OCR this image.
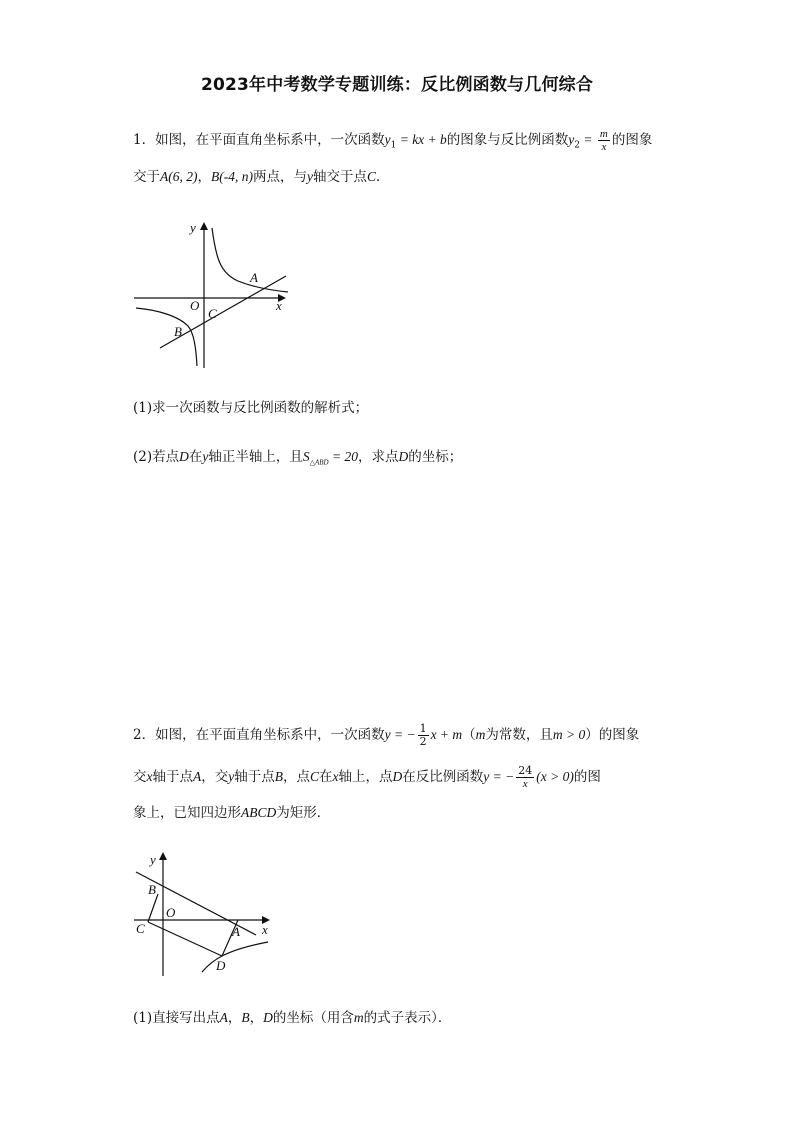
2023年中考数学专题训练：反比例函数与几何综合
1．如图，在平面直角坐标系中，一次函数$y_1$ = kx + b的图象与反比例函数$y_2 = \frac{m}{x}$ 的图象
交于A(6, 2)，B(-4, n)两点，与y轴交于点C．
y
x
O
A
B
C
(1)求一次函数与反比例函数的解析式；
(2)若点D在y轴正半轴上，且$S_{\triangle ABD} = 20$，求点D的坐标；
2．如图，在平面直角坐标系中，一次函数y = − $\frac{1}{2}$ x + m（m为常数，且m > 0）的图象
交x轴于点A，交y轴于点B，点C在x轴上，点D在反比例函数y = − $\frac{24}{x} (x > 0)$的图
象上，已知四边形ABCD为矩形．
y
x
O
A
B
C
D
(1)直接写出点A，B，D的坐标（用含m的式子表示）．
